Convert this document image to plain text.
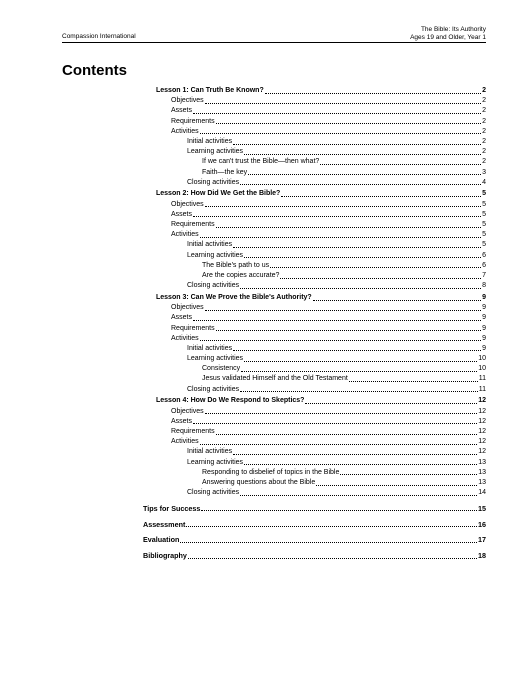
Compassion International
The Bible: Its Authority
Ages 19 and Older, Year 1
Contents
Lesson 1: Can Truth Be Known?	2
Objectives	2
Assets	2
Requirements	2
Activities	2
Initial activities	2
Learning activities	2
If we can't trust the Bible—then what?	2
Faith—the key	3
Closing activities	4
Lesson 2: How Did We Get the Bible?	5
Objectives	5
Assets	5
Requirements	5
Activities	5
Initial activities	5
Learning activities	6
The Bible's path to us	6
Are the copies accurate?	7
Closing activities	8
Lesson 3: Can We Prove the Bible's Authority?	9
Objectives	9
Assets	9
Requirements	9
Activities	9
Initial activities	9
Learning activities	10
Consistency	10
Jesus validated Himself and the Old Testament	11
Closing activities	11
Lesson 4: How Do We Respond to Skeptics?	12
Objectives	12
Assets	12
Requirements	12
Activities	12
Initial activities	12
Learning activities	13
Responding to disbelief of topics in the Bible	13
Answering questions about the Bible	13
Closing activities	14
Tips for Success	15
Assessment	16
Evaluation	17
Bibliography	18
